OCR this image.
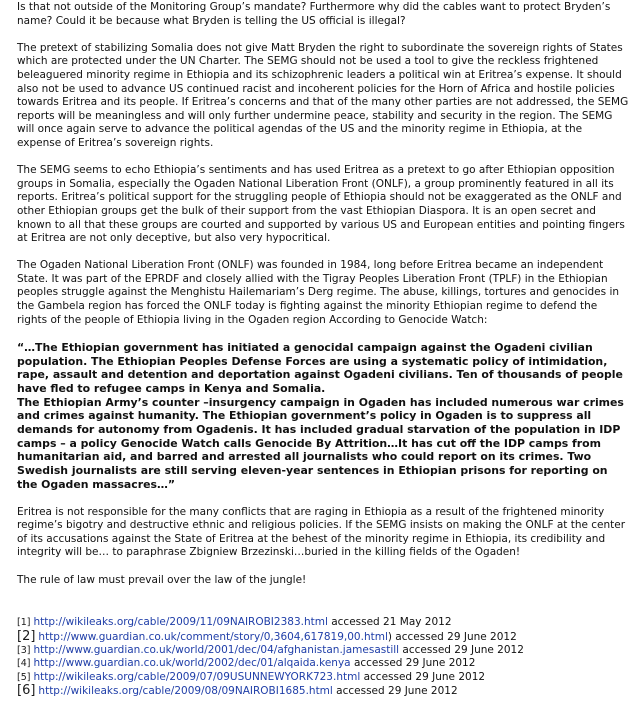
Is that not outside of the Monitoring Group’s mandate? Furthermore why did the cables want to protect Bryden’s name? Could it be because what Bryden is telling the US official is illegal?

The pretext of stabilizing Somalia does not give Matt Bryden the right to subordinate the sovereign rights of States which are protected under the UN Charter. The SEMG should not be used a tool to give the reckless frightened beleaguered minority regime in Ethiopia and its schizophrenic leaders a political win at Eritrea’s expense. It should also not be used to advance US continued racist and incoherent policies for the Horn of Africa and hostile policies towards Eritrea and its people. If Eritrea’s concerns and that of the many other parties are not addressed, the SEMG reports will be meaningless and will only further undermine peace, stability and security in the region. The SEMG will once again serve to advance the political agendas of the US and the minority regime in Ethiopia, at the expense of Eritrea’s sovereign rights.

The SEMG seems to echo Ethiopia’s sentiments and has used Eritrea as a pretext to go after Ethiopian opposition groups in Somalia, especially the Ogaden National Liberation Front (ONLF), a group prominently featured in all its reports. Eritrea’s political support for the struggling people of Ethiopia should not be exaggerated as the ONLF and other Ethiopian groups get the bulk of their support from the vast Ethiopian Diaspora. It is an open secret and known to all that these groups are courted and supported by various US and European entities and pointing fingers at Eritrea are not only deceptive, but also very hypocritical.

The Ogaden National Liberation Front (ONLF) was founded in 1984, long before Eritrea became an independent State. It was part of the EPRDF and closely allied with the Tigray Peoples Liberation Front (TPLF) in the Ethiopian peoples struggle against the Menghistu Hailemariam’s Derg regime. The abuse, killings, tortures and genocides in the Gambela region has forced the ONLF today is fighting against the minority Ethiopian regime to defend the rights of the people of Ethiopia living in the Ogaden region According to Genocide Watch:

“…The Ethiopian government has initiated a genocidal campaign against the Ogadeni civilian population. The Ethiopian Peoples Defense Forces are using a systematic policy of intimidation, rape, assault and detention and deportation against Ogadeni civilians. Ten of thousands of people have fled to refugee camps in Kenya and Somalia.
The Ethiopian Army’s counter –insurgency campaign in Ogaden has included numerous war crimes and crimes against humanity. The Ethiopian government’s policy in Ogaden is to suppress all demands for autonomy from Ogadenis. It has included gradual starvation of the population in IDP camps – a policy Genocide Watch calls Genocide By Attrition…It has cut off the IDP camps from humanitarian aid, and barred and arrested all journalists who could report on its crimes. Two Swedish journalists are still serving eleven-year sentences in Ethiopian prisons for reporting on the Ogaden massacres…”

Eritrea is not responsible for the many conflicts that are raging in Ethiopia as a result of the frightened minority regime’s bigotry and destructive ethnic and religious policies. If the SEMG insists on making the ONLF at the center of its accusations against the State of Eritrea at the behest of the minority regime in Ethiopia, its credibility and integrity will be… to paraphrase Zbigniew Brzezinski…buried in the killing fields of the Ogaden!

The rule of law must prevail over the law of the jungle!

[1] http://wikileaks.org/cable/2009/11/09NAIROBI2383.html accessed 21 May 2012
[2] http://www.guardian.co.uk/comment/story/0,3604,617819,00.html) accessed 29 June 2012
[3] http://www.guardian.co.uk/world/2001/dec/04/afghanistan.jamesastill accessed 29 June 2012
[4] http://www.guardian.co.uk/world/2002/dec/01/alqaida.kenya accessed 29 June 2012
[5] http://wikileaks.org/cable/2009/07/09USUNNEWYORK723.html accessed 29 June 2012
[6] http://wikileaks.org/cable/2009/08/09NAIROBI1685.html accessed 29 June 2012
